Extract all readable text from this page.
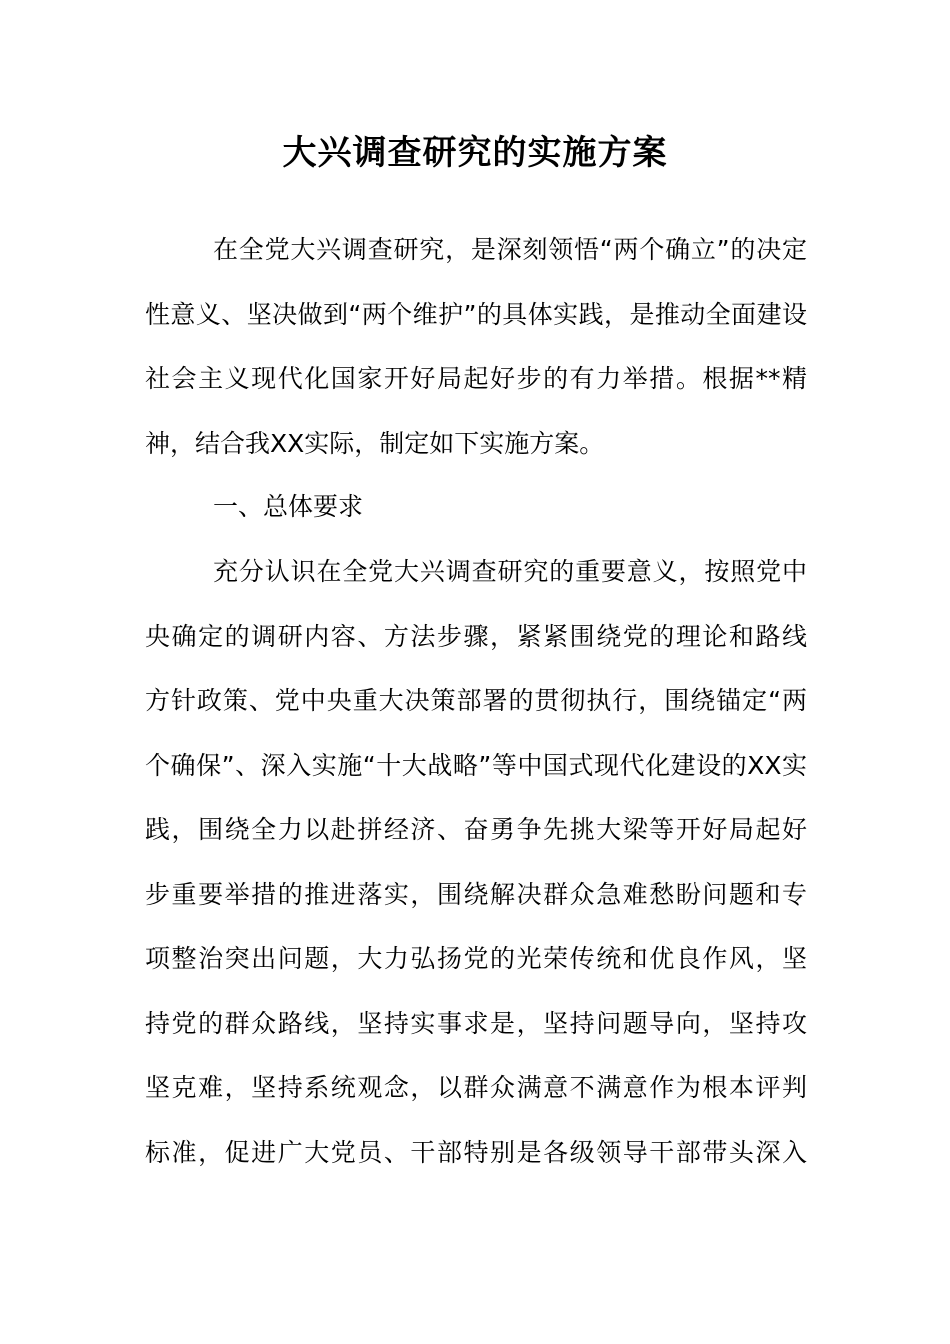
大兴调查研究的实施方案
在全党大兴调查研究，是深刻领悟“两个确立”的决定
性意义、坚决做到“两个维护”的具体实践，是推动全面建设
社会主义现代化国家开好局起好步的有力举措。根据**精
神，结合我XX实际，制定如下实施方案。
一、总体要求
充分认识在全党大兴调查研究的重要意义，按照党中
央确定的调研内容、方法步骤，紧紧围绕党的理论和路线
方针政策、党中央重大决策部署的贯彻执行，围绕锚定“两
个确保”、深入实施“十大战略”等中国式现代化建设的XX实
践，围绕全力以赴拼经济、奋勇争先挑大梁等开好局起好
步重要举措的推进落实，围绕解决群众急难愁盼问题和专
项整治突出问题，大力弘扬党的光荣传统和优良作风，坚
持党的群众路线，坚持实事求是，坚持问题导向，坚持攻
坚克难，坚持系统观念，以群众满意不满意作为根本评判
标准，促进广大党员、干部特别是各级领导干部带头深入
